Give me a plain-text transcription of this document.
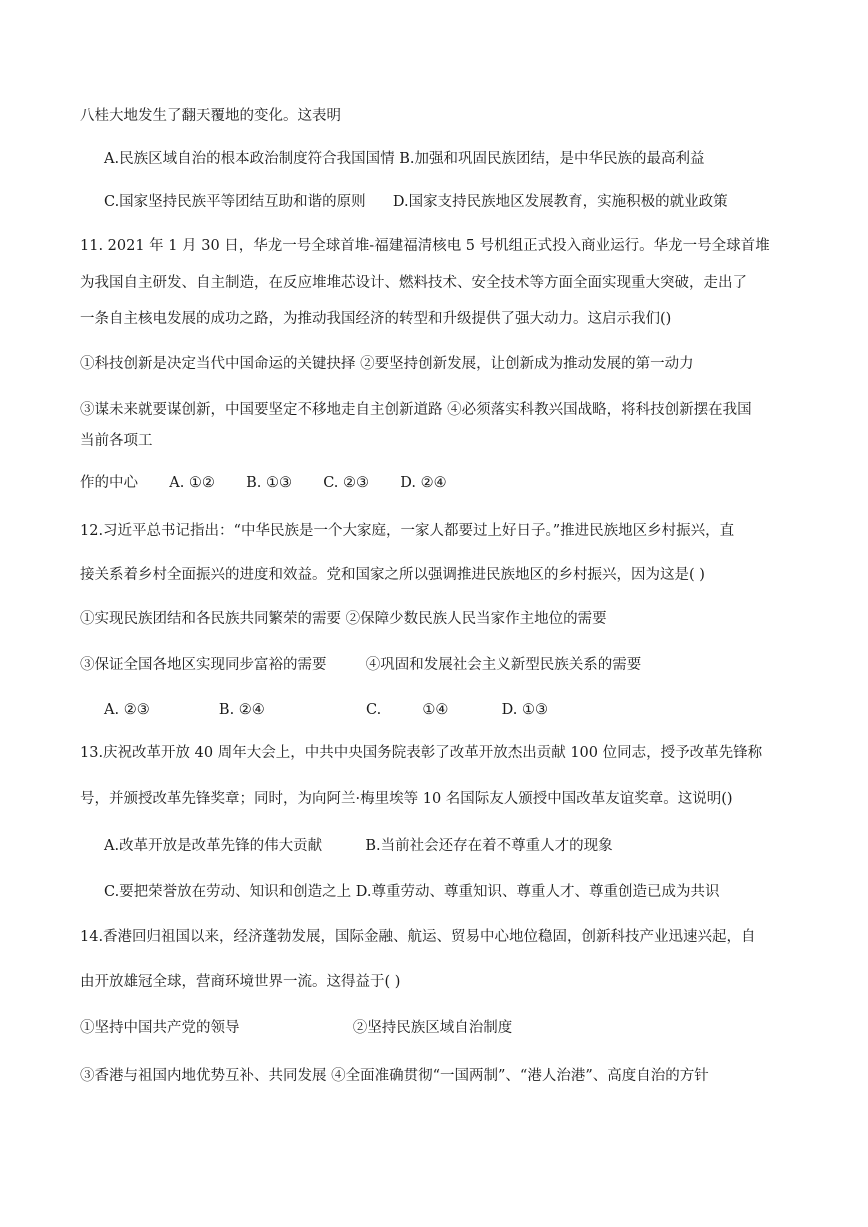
八桂大地发生了翻天覆地的变化。这表明
A.民族区域自治的根本政治制度符合我国国情 B.加强和巩固民族团结，是中华民族的最高利益
C.国家坚持民族平等团结互助和谐的原则 D.国家支持民族地区发展教育，实施积极的就业政策
11. 2021 年 1 月 30 日，华龙一号全球首堆-福建福清核电 5 号机组正式投入商业运行。华龙一号全球首堆
为我国自主研发、自主制造，在反应堆堆芯设计、燃料技术、安全技术等方面全面实现重大突破，走出了
一条自主核电发展的成功之路，为推动我国经济的转型和升级提供了强大动力。这启示我们()
①科技创新是决定当代中国命运的关键抉择 ②要坚持创新发展，让创新成为推动发展的第一动力
③谋未来就要谋创新，中国要坚定不移地走自主创新道路 ④必须落实科教兴国战略，将科技创新摆在我国
当前各项工
作的中心 A. ①② B. ①③ C. ②③ D. ②④
12.习近平总书记指出：“中华民族是一个大家庭，一家人都要过上好日子。”推进民族地区乡村振兴，直
接关系着乡村全面振兴的进度和效益。党和国家之所以强调推进民族地区的乡村振兴，因为这是( )
①实现民族团结和各民族共同繁荣的需要 ②保障少数民族人民当家作主地位的需要
③保证全国各地区实现同步富裕的需要	④巩固和发展社会主义新型民族关系的需要
A. ②③	B. ②④	C.	①④	D. ①③
13.庆祝改革开放 40 周年大会上，中共中央国务院表彰了改革开放杰出贡献 100 位同志，授予改革先锋称
号，并颁授改革先锋奖章；同时，为向阿兰·梅里埃等 10 名国际友人颁授中国改革友谊奖章。这说明()
A.改革开放是改革先锋的伟大贡献	B.当前社会还存在着不尊重人才的现象
C.要把荣誉放在劳动、知识和创造之上 D.尊重劳动、尊重知识、尊重人才、尊重创造已成为共识
14.香港回归祖国以来，经济蓬勃发展，国际金融、航运、贸易中心地位稳固，创新科技产业迅速兴起，自
由开放雄冠全球，营商环境世界一流。这得益于( )
①坚持中国共产党的领导	②坚持民族区域自治制度
③香港与祖国内地优势互补、共同发展 ④全面准确贯彻“一国两制”、“港人治港”、高度自治的方针
